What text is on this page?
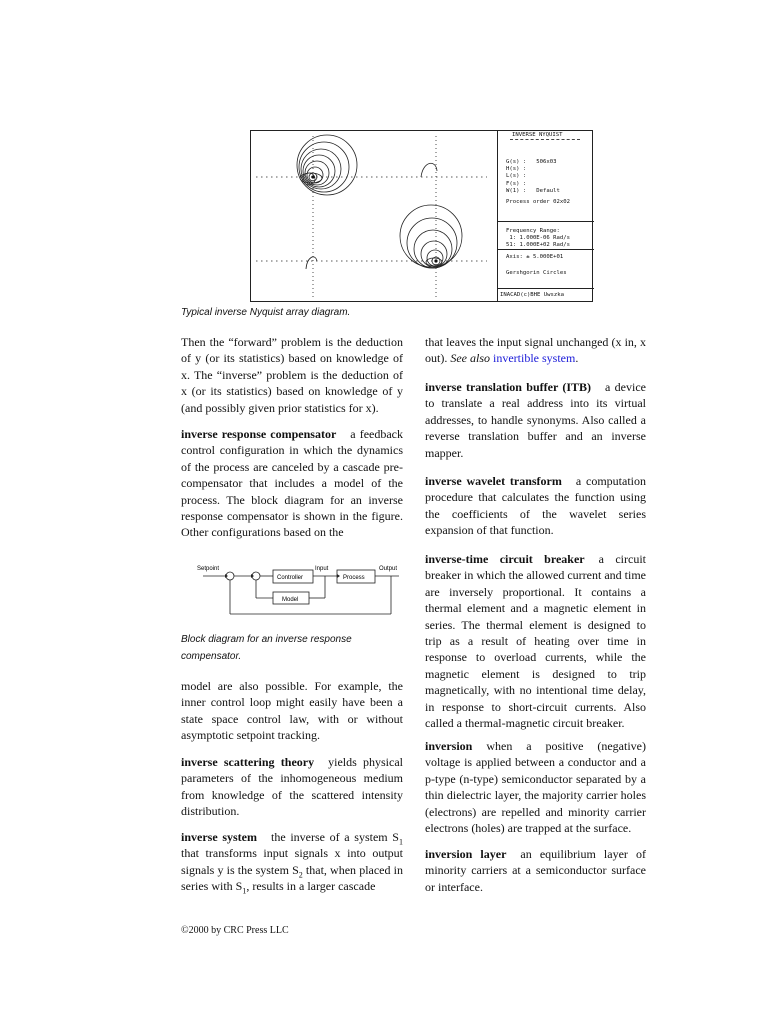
INVERSE NYQUIST
G(s) :   506x03
H(s) :
L(s) :
F(s) :
W(1) :   Default
Process order 02x02
Frequency Range:
1: 1.000E-06 Rad/s
51: 1.000E+02 Rad/s
Axis: ± 5.000E+01
Gershgorin Circles
INACAD(c)BHE Uwszka
Typical inverse Nyquist array diagram.
Then the “forward” problem is the deduction of y (or its statistics) based on knowledge of x. The “inverse” problem is the deduction of x (or its statistics) based on knowledge of y (and possibly given prior statistics for x).
inverse response compensator a feedback control configuration in which the dynamics of the process are canceled by a cascade pre-compensator that includes a model of the process. The block diagram for an inverse response compensator is shown in the figure. Other configurations based on the
Setpoint	Input	Output
Controller	Process
Model
Block diagram for an inverse response compensator.
model are also possible. For example, the inner control loop might easily have been a state space control law, with or without asymptotic setpoint tracking.
inverse scattering theory yields physical parameters of the inhomogeneous medium from knowledge of the scattered intensity distribution.
inverse system the inverse of a system $S_1$ that transforms input signals x into output signals y is the system $S_2$ that, when placed in series with $S_1$, results in a larger cascade
that leaves the input signal unchanged (x in, x out). See also invertible system.
inverse translation buffer (ITB) a device to translate a real address into its virtual addresses, to handle synonyms. Also called a reverse translation buffer and an inverse mapper.
inverse wavelet transform a computation procedure that calculates the function using the coefficients of the wavelet series expansion of that function.
inverse-time circuit breaker a circuit breaker in which the allowed current and time are inversely proportional. It contains a thermal element and a magnetic element in series. The thermal element is designed to trip as a result of heating over time in response to overload currents, while the magnetic element is designed to trip magnetically, with no intentional time delay, in response to short-circuit currents. Also called a thermal-magnetic circuit breaker.
inversion when a positive (negative) voltage is applied between a conductor and a p-type (n-type) semiconductor separated by a thin dielectric layer, the majority carrier holes (electrons) are repelled and minority carrier electrons (holes) are trapped at the surface.
inversion layer an equilibrium layer of minority carriers at a semiconductor surface or interface.
©2000 by CRC Press LLC
